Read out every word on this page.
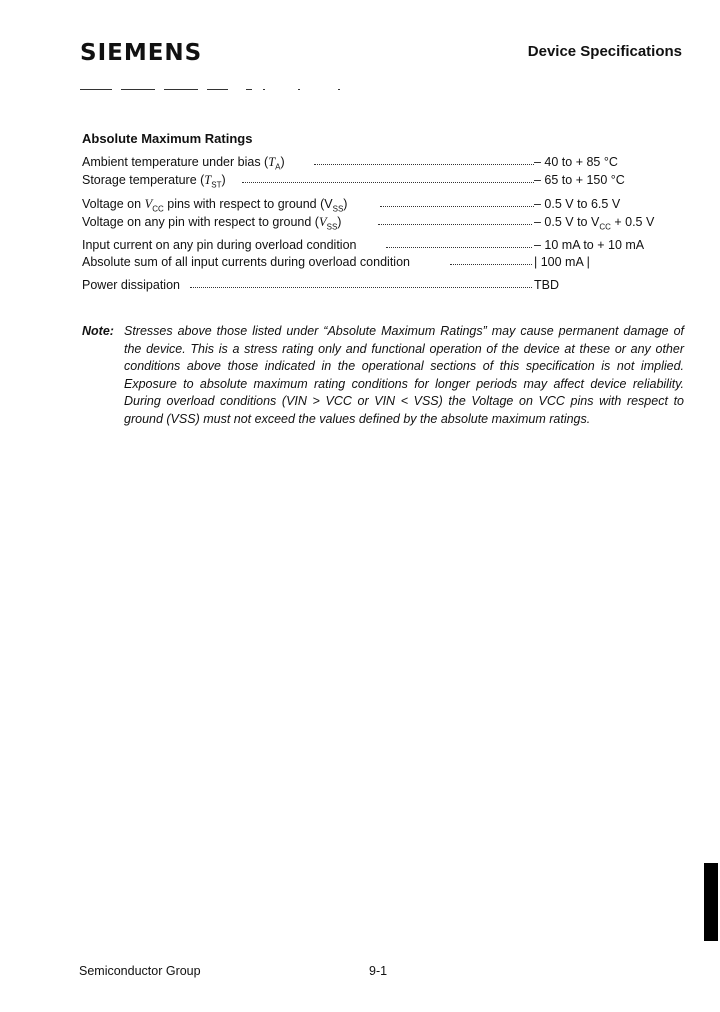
SIEMENS	Device Specifications
Absolute Maximum Ratings
Ambient temperature under bias $(T_A)$	– 40 to + 85 °C
Storage temperature $(T_{ST})$	– 65 to + 150 °C
Voltage on $V_{CC}$ pins with respect to ground $(V_{SS})$	– 0.5 V to 6.5 V
Voltage on any pin with respect to ground $(V_{SS})$	– 0.5 V to $V_{CC} + 0.5$ V
Input current on any pin during overload condition	– 10 mA to + 10 mA
Absolute sum of all input currents during overload condition	| 100 mA |
Power dissipation	TBD
Note: Stresses above those listed under “Absolute Maximum Ratings” may cause permanent damage of the device. This is a stress rating only and functional operation of the device at these or any other conditions above those indicated in the operational sections of this specification is not implied. Exposure to absolute maximum rating conditions for longer periods may affect device reliability. During overload conditions (VIN > VCC or VIN < VSS) the Voltage on VCC pins with respect to ground (VSS) must not exceed the values defined by the absolute maximum ratings.
Semiconductor Group	9-1
